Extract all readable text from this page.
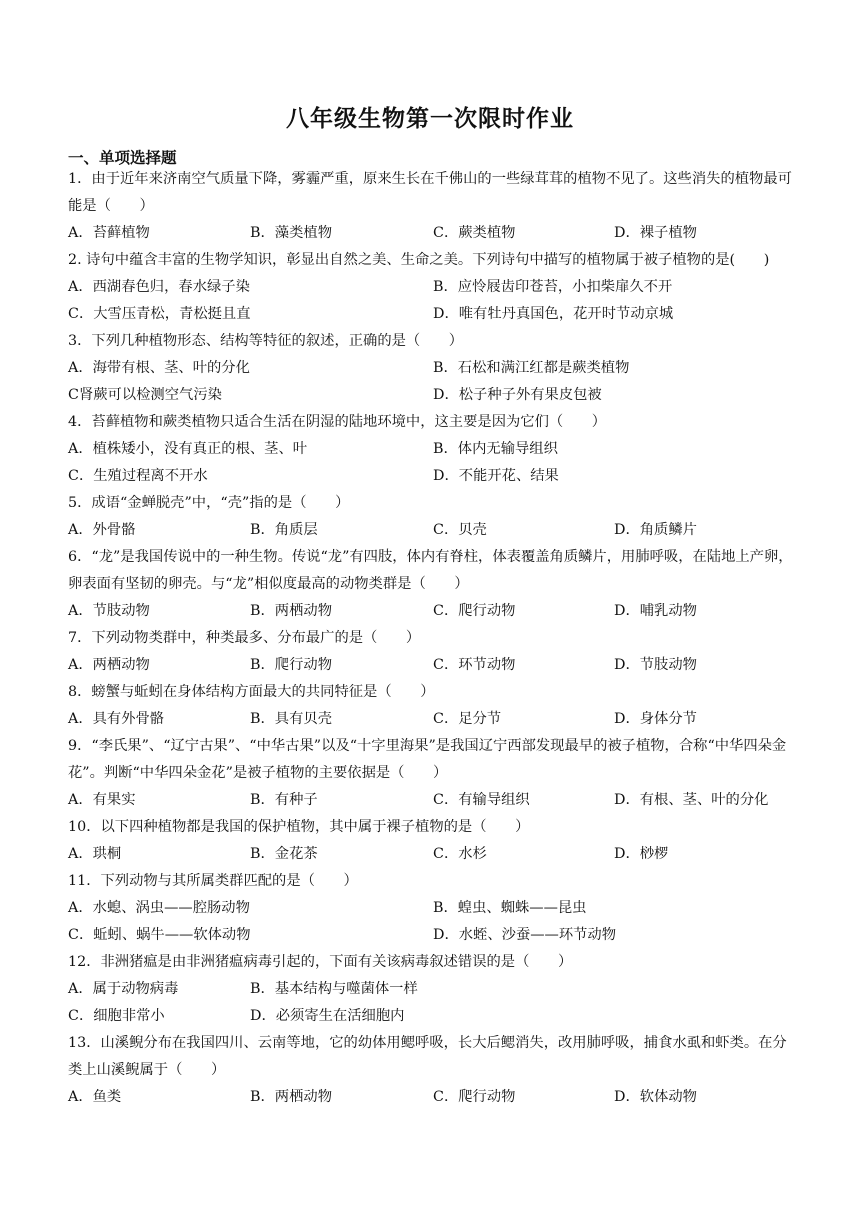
八年级生物第一次限时作业
一、单项选择题
1．由于近年来济南空气质量下降，雾霾严重，原来生长在千佛山的一些绿茸茸的植物不见了。这些消失的植物最可能是（　　）
A．苔藓植物	B．藻类植物	C．蕨类植物	D．裸子植物
2. 诗句中蕴含丰富的生物学知识，彰显出自然之美、生命之美。下列诗句中描写的植物属于被子植物的是(　　)
A．西湖春色归，春水绿子染	B．应怜屐齿印苍苔，小扣柴扉久不开
C．大雪压青松，青松挺且直	D．唯有牡丹真国色，花开时节动京城
3．下列几种植物形态、结构等特征的叙述，正确的是（　　）
A．海带有根、茎、叶的分化	B．石松和满江红都是蕨类植物
C肾蕨可以检测空气污染	D．松子种子外有果皮包被
4．苔藓植物和蕨类植物只适合生活在阴湿的陆地环境中，这主要是因为它们（　　）
A．植株矮小，没有真正的根、茎、叶	B．体内无输导组织
C．生殖过程离不开水	D．不能开花、结果
5．成语“金蝉脱壳”中，“壳”指的是（　　）
A．外骨骼	B．角质层	C．贝壳	D．角质鳞片
6．“龙”是我国传说中的一种生物。传说“龙”有四肢，体内有脊柱，体表覆盖角质鳞片，用肺呼吸，在陆地上产卵，卵表面有坚韧的卵壳。与“龙”相似度最高的动物类群是（　　）
A．节肢动物	B．两栖动物	C．爬行动物	D．哺乳动物
7．下列动物类群中，种类最多、分布最广的是（　　）
A．两栖动物	B．爬行动物	C．环节动物	D．节肢动物
8．螃蟹与蚯蚓在身体结构方面最大的共同特征是（　　）
A．具有外骨骼	B．具有贝壳	C．足分节	D．身体分节
9．“李氏果”、“辽宁古果”、“中华古果”以及“十字里海果”是我国辽宁西部发现最早的被子植物，合称“中华四朵金花”。判断“中华四朵金花”是被子植物的主要依据是（　　）
A．有果实	B．有种子	C．有输导组织	D．有根、茎、叶的分化
10．以下四种植物都是我国的保护植物，其中属于裸子植物的是（　　）
A．珙桐	B．金花茶	C．水杉	D．桫椤
11．下列动物与其所属类群匹配的是（　　）
A．水螅、涡虫——腔肠动物	B．蝗虫、蜘蛛——昆虫
C．蚯蚓、蜗牛——软体动物	D．水蛭、沙蚕——环节动物
12．非洲猪瘟是由非洲猪瘟病毒引起的，下面有关该病毒叙述错误的是（　　）
A．属于动物病毒	B．基本结构与噬菌体一样
C．细胞非常小	D．必须寄生在活细胞内
13．山溪鲵分布在我国四川、云南等地，它的幼体用鳃呼吸，长大后鳃消失，改用肺呼吸，捕食水虱和虾类。在分类上山溪鲵属于（　　）
A．鱼类	B．两栖动物	C．爬行动物	D．软体动物
